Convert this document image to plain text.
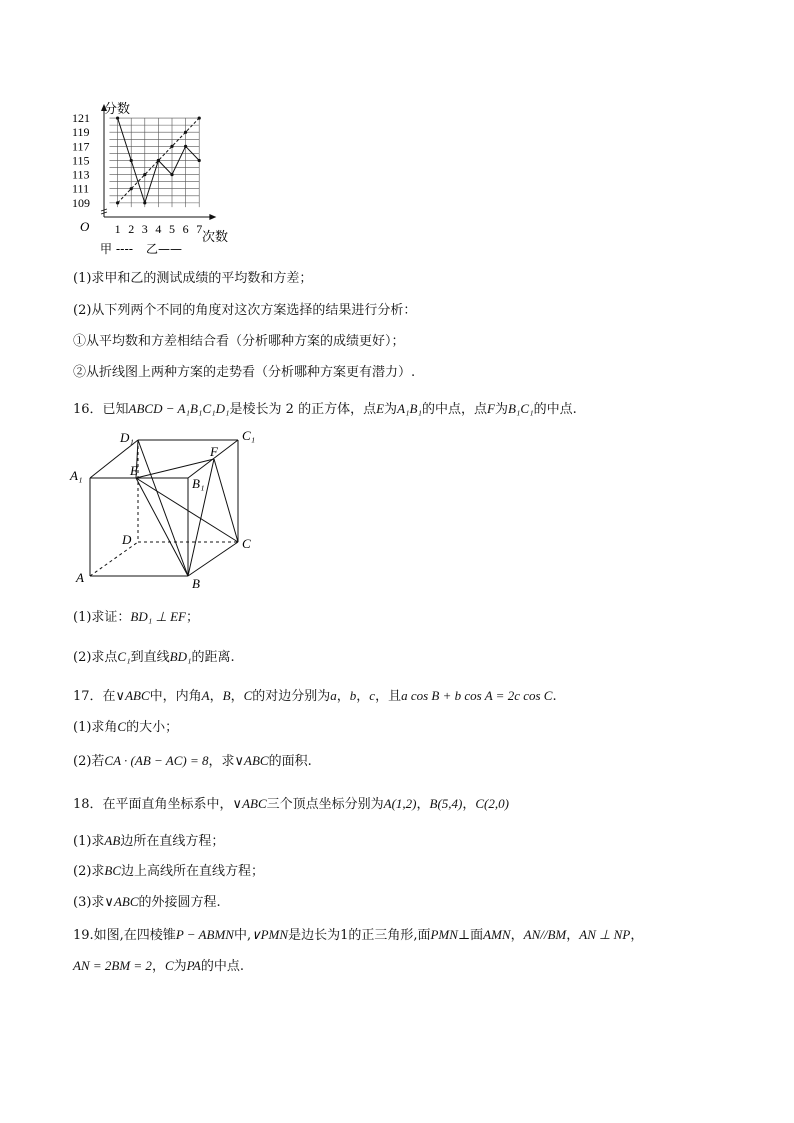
109
111
113
115
117
119
121
1 2 3 4 5 6 7
分数
次数
O
甲 ---- 乙——
(1)求甲和乙的测试成绩的平均数和方差；
(2)从下列两个不同的角度对这次方案选择的结果进行分析：
①从平均数和方差相结合看（分析哪种方案的成绩更好）；
②从折线图上两种方案的走势看（分析哪种方案更有潜力）.
16．已知ABCD − A₁B₁C₁D₁是棱长为 2 的正方体，点E为A₁B₁的中点，点F为B₁C₁的中点.
D₁	C₁
A₁
B₁
E
F
D	C
A	B
(1)求证：BD₁ ⊥ EF；
(2)求点C₁到直线BD₁的距离.
17．在∨ABC中，内角A，B，C的对边分别为a，b，c，且a cos B + b cos A = 2c cos C.
(1)求角C的大小；
(2)若CA · (AB − AC) = 8，求∨ABC的面积.
18．在平面直角坐标系中，∨ABC三个顶点坐标分别为A(1,2)，B(5,4)，C(2,0)
(1)求AB边所在直线方程；
(2)求BC边上高线所在直线方程；
(3)求∨ABC的外接圆方程.
19.如图,在四棱锥P − ABMN中,∨PMN是边长为1的正三角形,面PMN⊥面AMN，AN//BM，AN ⊥ NP，
AN = 2BM = 2，C为PA的中点.
